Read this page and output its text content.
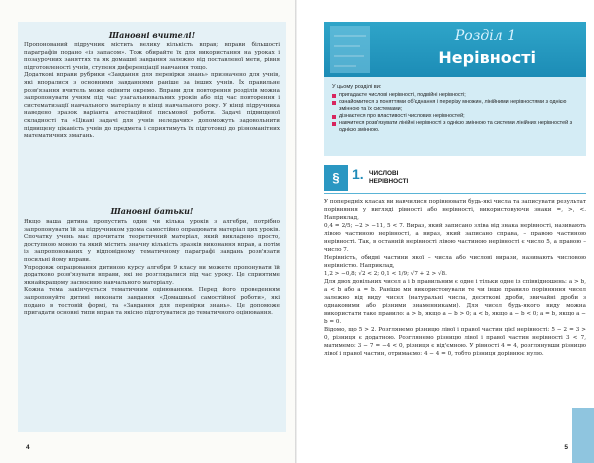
Шановні вчителі!
Пропонований підручник містить велику кількість вправ; вправи більшості параграфів подано «із запасом». Тож обирайте їх для використання на уроках і позаурочних заняттях та як домашні завдання залежно від поставленої мети, рівня підготовленості учнів, ступеня диференціації навчання тощо.
Додаткові вправи рубрики «Завдання для перевірки знань» призначено для учнів, які впоралися з основними завданнями раніше за інших учнів. Їх правильне розв'язання вчитель може оцінити окремо. Вправи для повторення розділів можна запропонувати учням під час узагальнювальних уроків або під час повторення і систематизації навчального матеріалу в кінці навчального року. У кінці підручника наведено зразок варіанта атестаційної письмової роботи. Задачі підвищеної складності та «Цікаві задачі для учнів неледачих» допоможуть задовольнити підвищену цікавість учнів до предмета і сприятимуть їх підготовці до різноманітних математичних змагань.
Шановні батьки!
Якщо ваша дитина пропустить один чи кілька уроків з алгебри, потрібно запропонувати їй за підручником удома самостійно опрацювати матеріал цих уроків. Спочатку учень має прочитати теоретичний матеріал, який викладено просто, доступною мовою та який містить значну кількість зразків виконання вправ, а потім із запропонованих у відповідному тематичному параграфі завдань розв'язати посильні йому вправи.
Упродовж опрацювання дитиною курсу алгебри 9 класу ви можете пропонувати їй додатково розв'язувати вправи, які не розглядалися під час уроку. Це сприятиме якнайкращому засвоєнню навчального матеріалу.
Кожна тема закінчується тематичним оцінюванням. Перед його проведенням запропонуйте дитині виконати завдання «Домашньої самостійної роботи», які подано в тестовій формі, та «Завдання для перевірки знань». Це допоможе пригадати основні типи вправ та якісно підготуватися до тематичного оцінювання.
4
Розділ 1
Нерівності
У цьому розділі ви:
пригадаєте числові нерівності, подвійні нерівності;
ознайомитеся з поняттями об'єднання і перерізу множин, лінійними нерівностями з однією змінною та їх системами;
дізнаєтеся про властивості числових нерівностей;
навчитеся розв'язувати лінійні нерівності з однією змінною та системи лінійних нерівностей з однією змінною.
§ 1. ЧИСЛОВІ
НЕРІВНОСТІ
У попередніх класах ви навчилися порівнювати будь-які числа та записувати результат порівняння у вигляді рівності або нерівності, використовуючи знаки =, >, <. Наприклад,
0,4 = 2/5; −2 > −11, 5 < 7. Вираз, який записано зліва від знака нерівності, називають лівою частиною нерівності, а вираз, який записано справа, – правою частиною нерівності. Так, в останній нерівності лівою частиною нерівності є число 5, а правою – число 7.
Нерівність, обидві частини якої – числа або числові вирази, називають числовою нерівністю. Наприклад,
1,2 > −0,8; √2 < 2; 0,1 < 1/9; √7 + 2 > √8.
Для двох довільних чисел a і b правильним є одне і тільки одне із співвідношень: a > b, a < b або a = b. Раніше ми використовували те чи інше правило порівняння чисел залежно від виду чисел (натуральні числа, десяткові дроби, звичайні дроби з однаковими або різними знаменниками). Для чисел будь-якого виду можна використати таке правило: a > b, якщо a − b > 0; a < b, якщо a − b < 0; a = b, якщо a − b = 0.
Відомо, що 5 > 2. Розглянемо різницю лівої і правої частин цієї нерівності: 5 − 2 = 3 > 0, різниця є додатною. Розглянемо різницю лівої і правої частин нерівності 3 < 7, матимемо: 3 − 7 = −4 < 0, різниця є від'ємною. У рівності 4 = 4, розглянувши різницю лівої і правої частин, отримаємо: 4 − 4 = 0, тобто різниця дорівнює нулю.
5
